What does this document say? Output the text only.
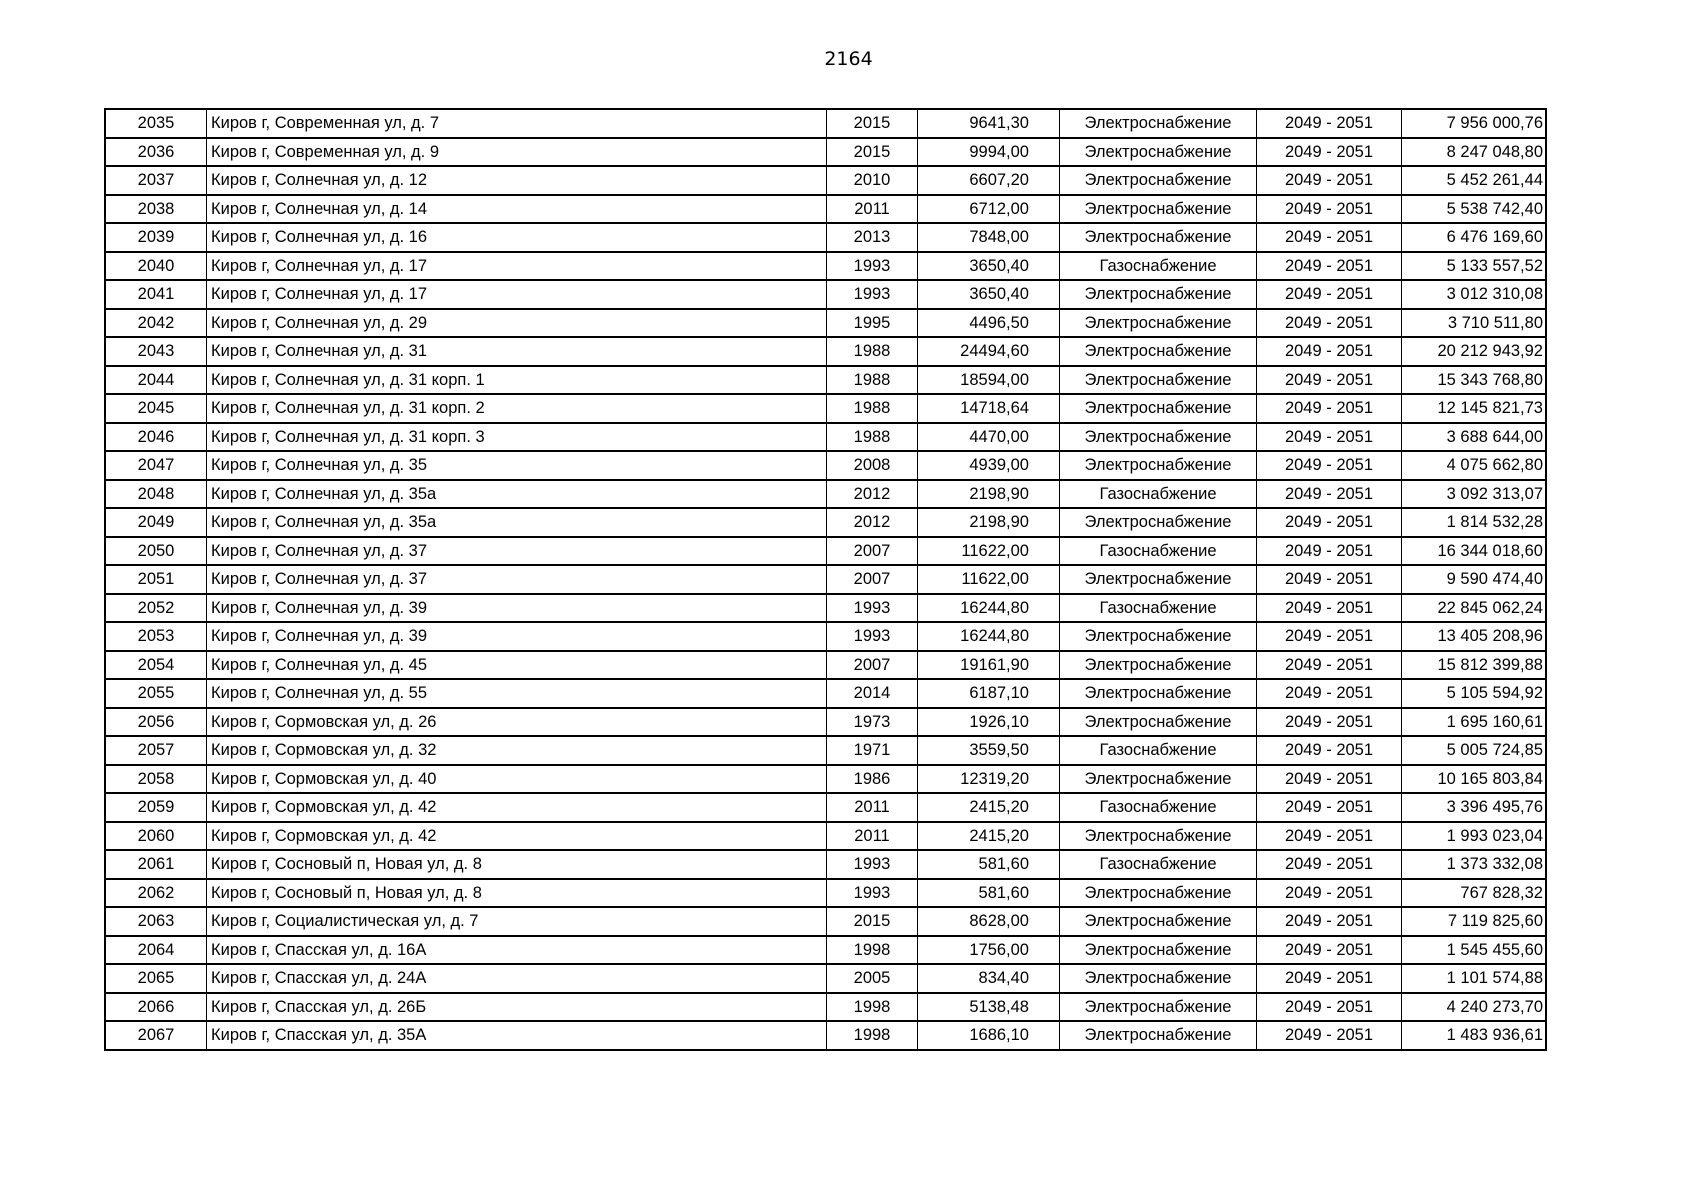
2164
2035	Киров г, Современная ул, д. 7	2015	9641,30	Электроснабжение	2049 - 2051	7 956 000,76
2036	Киров г, Современная ул, д. 9	2015	9994,00	Электроснабжение	2049 - 2051	8 247 048,80
2037	Киров г, Солнечная ул, д. 12	2010	6607,20	Электроснабжение	2049 - 2051	5 452 261,44
2038	Киров г, Солнечная ул, д. 14	2011	6712,00	Электроснабжение	2049 - 2051	5 538 742,40
2039	Киров г, Солнечная ул, д. 16	2013	7848,00	Электроснабжение	2049 - 2051	6 476 169,60
2040	Киров г, Солнечная ул, д. 17	1993	3650,40	Газоснабжение	2049 - 2051	5 133 557,52
2041	Киров г, Солнечная ул, д. 17	1993	3650,40	Электроснабжение	2049 - 2051	3 012 310,08
2042	Киров г, Солнечная ул, д. 29	1995	4496,50	Электроснабжение	2049 - 2051	3 710 511,80
2043	Киров г, Солнечная ул, д. 31	1988	24494,60	Электроснабжение	2049 - 2051	20 212 943,92
2044	Киров г, Солнечная ул, д. 31 корп. 1	1988	18594,00	Электроснабжение	2049 - 2051	15 343 768,80
2045	Киров г, Солнечная ул, д. 31 корп. 2	1988	14718,64	Электроснабжение	2049 - 2051	12 145 821,73
2046	Киров г, Солнечная ул, д. 31 корп. 3	1988	4470,00	Электроснабжение	2049 - 2051	3 688 644,00
2047	Киров г, Солнечная ул, д. 35	2008	4939,00	Электроснабжение	2049 - 2051	4 075 662,80
2048	Киров г, Солнечная ул, д. 35а	2012	2198,90	Газоснабжение	2049 - 2051	3 092 313,07
2049	Киров г, Солнечная ул, д. 35а	2012	2198,90	Электроснабжение	2049 - 2051	1 814 532,28
2050	Киров г, Солнечная ул, д. 37	2007	11622,00	Газоснабжение	2049 - 2051	16 344 018,60
2051	Киров г, Солнечная ул, д. 37	2007	11622,00	Электроснабжение	2049 - 2051	9 590 474,40
2052	Киров г, Солнечная ул, д. 39	1993	16244,80	Газоснабжение	2049 - 2051	22 845 062,24
2053	Киров г, Солнечная ул, д. 39	1993	16244,80	Электроснабжение	2049 - 2051	13 405 208,96
2054	Киров г, Солнечная ул, д. 45	2007	19161,90	Электроснабжение	2049 - 2051	15 812 399,88
2055	Киров г, Солнечная ул, д. 55	2014	6187,10	Электроснабжение	2049 - 2051	5 105 594,92
2056	Киров г, Сормовская ул, д. 26	1973	1926,10	Электроснабжение	2049 - 2051	1 695 160,61
2057	Киров г, Сормовская ул, д. 32	1971	3559,50	Газоснабжение	2049 - 2051	5 005 724,85
2058	Киров г, Сормовская ул, д. 40	1986	12319,20	Электроснабжение	2049 - 2051	10 165 803,84
2059	Киров г, Сормовская ул, д. 42	2011	2415,20	Газоснабжение	2049 - 2051	3 396 495,76
2060	Киров г, Сормовская ул, д. 42	2011	2415,20	Электроснабжение	2049 - 2051	1 993 023,04
2061	Киров г, Сосновый п, Новая ул, д. 8	1993	581,60	Газоснабжение	2049 - 2051	1 373 332,08
2062	Киров г, Сосновый п, Новая ул, д. 8	1993	581,60	Электроснабжение	2049 - 2051	767 828,32
2063	Киров г, Социалистическая ул, д. 7	2015	8628,00	Электроснабжение	2049 - 2051	7 119 825,60
2064	Киров г, Спасская ул, д. 16А	1998	1756,00	Электроснабжение	2049 - 2051	1 545 455,60
2065	Киров г, Спасская ул, д. 24А	2005	834,40	Электроснабжение	2049 - 2051	1 101 574,88
2066	Киров г, Спасская ул, д. 26Б	1998	5138,48	Электроснабжение	2049 - 2051	4 240 273,70
2067	Киров г, Спасская ул, д. 35А	1998	1686,10	Электроснабжение	2049 - 2051	1 483 936,61
